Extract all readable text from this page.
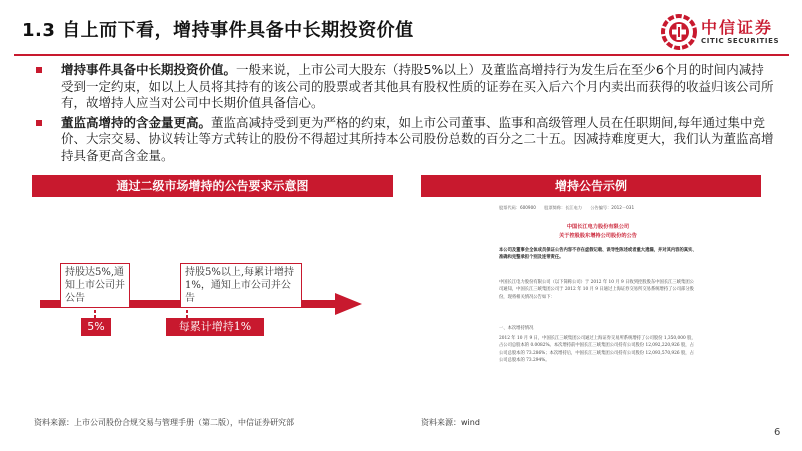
1.3 自上而下看，增持事件具备中长期投资价值	中信证券
CITIC SECURITIES
增持事件具备中长期投资价值。一般来说，上市公司大股东（持股5%以上）及董监高增持行为发生后在至少6个月的时间内减持受到一定约束，如以上人员将其持有的该公司的股票或者其他具有股权性质的证券在买入后六个月内卖出而获得的收益归该公司所有，故增持人应当对公司中长期价值具备信心。
董监高增持的含金量更高。董监高减持受到更为严格的约束，如上市公司董事、监事和高级管理人员在任职期间,每年通过集中竞价、大宗交易、协议转让等方式转让的股份不得超过其所持本公司股份总数的百分之二十五。因减持难度更大，我们认为董监高增持具备更高含金量。
通过二级市场增持的公告要求示意图
持股达5%,通知上市公司并公告
持股5%以上,每累计增持1%，通知上市公司并公告
5%	每累计增持1%
增持公告示例
股票代码：600900　　股票简称：长江电力　　公告编号：2012－031
中国长江电力股份有限公司
关于控股股东增持公司股份的公告
本公司及董事会全体成员保证公告内容不存在虚假记载、误导性陈述或者重大遗漏，并对其内容的真实、准确和完整承担个别及连带责任。
中国长江电力股份有限公司（以下简称公司）于 2012 年 10 月 9 日收到控股股东中国长江三峡集团公司通知，中国长江三峡集团公司于 2012 年 10 月 9 日通过上海证券交易所交易系统增持了公司部分股份，现将相关情况公告如下：
一、本次增持情况
2012 年 10 月 9 日，中国长江三峡集团公司通过上海证券交易所系统增持了公司股份 1,350,000 股，占公司总股本的 0.0082%。本次增持前中国长江三峡集团公司持有公司股份 12,092,220,926 股，占公司总股本的 73.286%；本次增持后，中国长江三峡集团公司持有公司股份 12,093,570,926 股，占公司总股本的 73.294%。
资料来源：上市公司股份合规交易与管理手册（第二版），中信证券研究部	资料来源：wind
6
